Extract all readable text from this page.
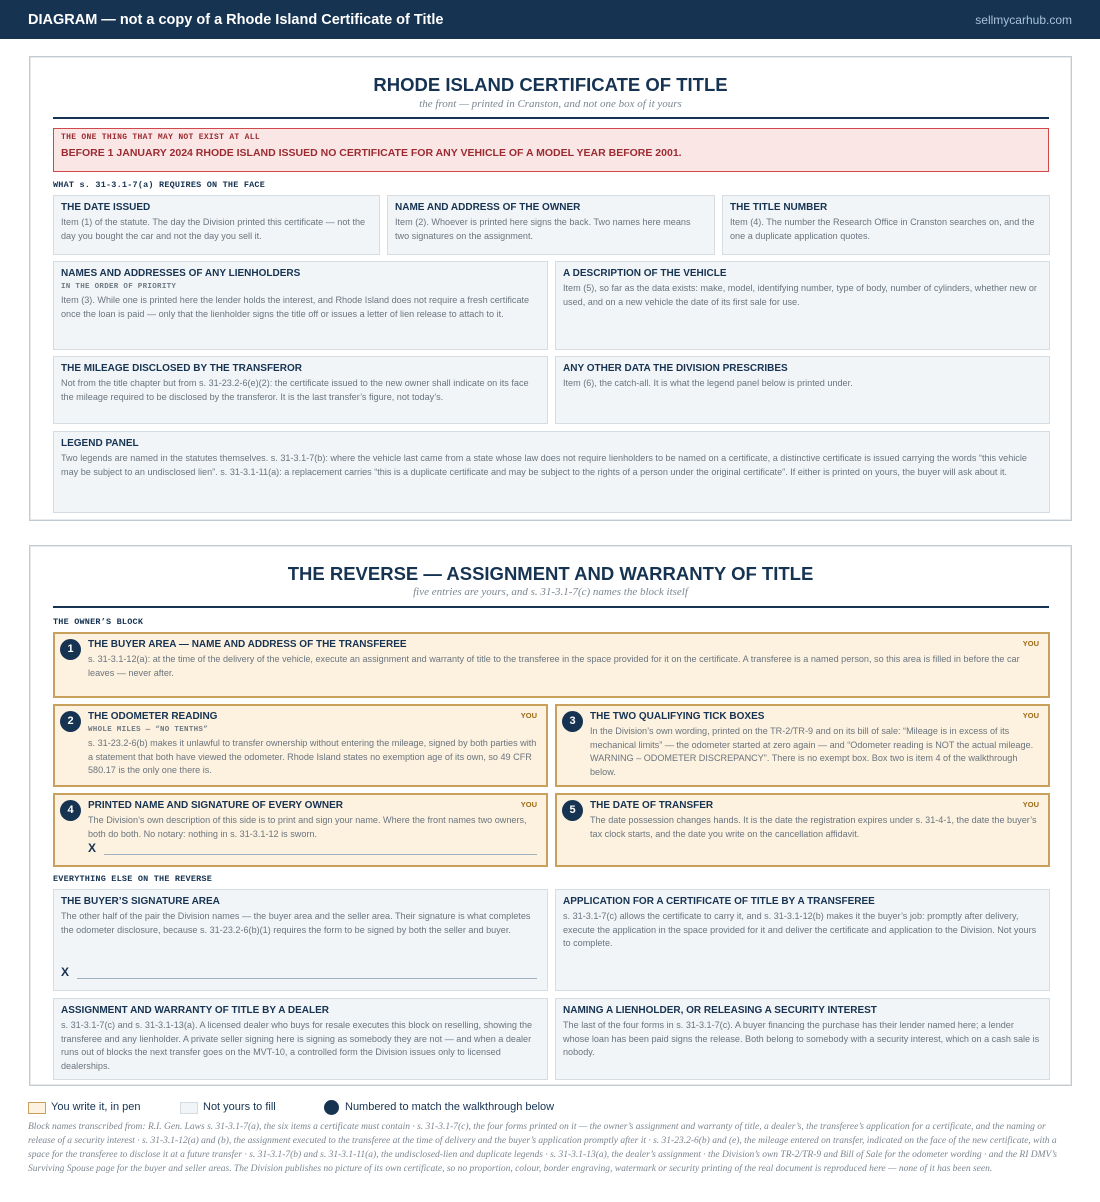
DIAGRAM — not a copy of a Rhode Island Certificate of Title	sellmycarhub.com
RHODE ISLAND CERTIFICATE OF TITLE
the front — printed in Cranston, and not one box of it yours
THE ONE THING THAT MAY NOT EXIST AT ALL
BEFORE 1 JANUARY 2024 RHODE ISLAND ISSUED NO CERTIFICATE FOR ANY VEHICLE OF A MODEL YEAR BEFORE 2001.
WHAT s. 31-3.1-7(a) REQUIRES ON THE FACE
THE DATE ISSUED
Item (1) of the statute. The day the Division printed this certificate — not the day you bought the car and not the day you sell it.
NAME AND ADDRESS OF THE OWNER
Item (2). Whoever is printed here signs the back. Two names here means two signatures on the assignment.
THE TITLE NUMBER
Item (4). The number the Research Office in Cranston searches on, and the one a duplicate application quotes.
NAMES AND ADDRESSES OF ANY LIENHOLDERS
IN THE ORDER OF PRIORITY
Item (3). While one is printed here the lender holds the interest, and Rhode Island does not require a fresh certificate once the loan is paid — only that the lienholder signs the title off or issues a letter of lien release to attach to it.
A DESCRIPTION OF THE VEHICLE
Item (5), so far as the data exists: make, model, identifying number, type of body, number of cylinders, whether new or used, and on a new vehicle the date of its first sale for use.
THE MILEAGE DISCLOSED BY THE TRANSFEROR
Not from the title chapter but from s. 31-23.2-6(e)(2): the certificate issued to the new owner shall indicate on its face the mileage required to be disclosed by the transferor. It is the last transfer’s figure, not today’s.
ANY OTHER DATA THE DIVISION PRESCRIBES
Item (6), the catch-all. It is what the legend panel below is printed under.
LEGEND PANEL
Two legends are named in the statutes themselves. s. 31-3.1-7(b): where the vehicle last came from a state whose law does not require lienholders to be named on a certificate, a distinctive certificate is issued carrying the words “this vehicle may be subject to an undisclosed lien”. s. 31-3.1-11(a): a replacement carries “this is a duplicate certificate and may be subject to the rights of a person under the original certificate”. If either is printed on yours, the buyer will ask about it.
THE REVERSE — ASSIGNMENT AND WARRANTY OF TITLE
five entries are yours, and s. 31-3.1-7(c) names the block itself
THE OWNER’S BLOCK
1	YOU
THE BUYER AREA — NAME AND ADDRESS OF THE TRANSFEREE
s. 31-3.1-12(a): at the time of the delivery of the vehicle, execute an assignment and warranty of title to the transferee in the space provided for it on the certificate. A transferee is a named person, so this area is filled in before the car leaves — never after.
2	YOU
THE ODOMETER READING
WHOLE MILES — “NO TENTHS”
s. 31-23.2-6(b) makes it unlawful to transfer ownership without entering the mileage, signed by both parties with a statement that both have viewed the odometer. Rhode Island states no exemption age of its own, so 49 CFR 580.17 is the only one there is.
3	YOU
THE TWO QUALIFYING TICK BOXES
In the Division’s own wording, printed on the TR-2/TR-9 and on its bill of sale: “Mileage is in excess of its mechanical limits” — the odometer started at zero again — and “Odometer reading is NOT the actual mileage. WARNING – ODOMETER DISCREPANCY”. There is no exempt box. Box two is item 4 of the walkthrough below.
4	YOU
PRINTED NAME AND SIGNATURE OF EVERY OWNER
The Division’s own description of this side is to print and sign your name. Where the front names two owners, both do both. No notary: nothing in s. 31-3.1-12 is sworn.
X
5	YOU
THE DATE OF TRANSFER
The date possession changes hands. It is the date the registration expires under s. 31-4-1, the date the buyer’s tax clock starts, and the date you write on the cancellation affidavit.
EVERYTHING ELSE ON THE REVERSE
THE BUYER’S SIGNATURE AREA
The other half of the pair the Division names — the buyer area and the seller area. Their signature is what completes the odometer disclosure, because s. 31-23.2-6(b)(1) requires the form to be signed by both the seller and buyer.
X
APPLICATION FOR A CERTIFICATE OF TITLE BY A TRANSFEREE
s. 31-3.1-7(c) allows the certificate to carry it, and s. 31-3.1-12(b) makes it the buyer’s job: promptly after delivery, execute the application in the space provided for it and deliver the certificate and application to the Division. Not yours to complete.
ASSIGNMENT AND WARRANTY OF TITLE BY A DEALER
s. 31-3.1-7(c) and s. 31-3.1-13(a). A licensed dealer who buys for resale executes this block on reselling, showing the transferee and any lienholder. A private seller signing here is signing as somebody they are not — and when a dealer runs out of blocks the next transfer goes on the MVT-10, a controlled form the Division issues only to licensed dealerships.
NAMING A LIENHOLDER, OR RELEASING A SECURITY INTEREST
The last of the four forms in s. 31-3.1-7(c). A buyer financing the purchase has their lender named here; a lender whose loan has been paid signs the release. Both belong to somebody with a security interest, which on a cash sale is nobody.
You write it, in pen	Not yours to fill	Numbered to match the walkthrough below
Block names transcribed from: R.I. Gen. Laws s. 31-3.1-7(a), the six items a certificate must contain · s. 31-3.1-7(c), the four forms printed on it — the owner’s assignment and warranty of title, a dealer’s, the transferee’s application for a certificate, and the naming or release of a security interest · s. 31-3.1-12(a) and (b), the assignment executed to the transferee at the time of delivery and the buyer’s application promptly after it · s. 31-23.2-6(b) and (e), the mileage entered on transfer, indicated on the face of the new certificate, with a space for the transferee to disclose it at a future transfer · s. 31-3.1-7(b) and s. 31-3.1-11(a), the undisclosed-lien and duplicate legends · s. 31-3.1-13(a), the dealer’s assignment · the Division’s own TR-2/TR-9 and Bill of Sale for the odometer wording · and the RI DMV’s Surviving Spouse page for the buyer and seller areas. The Division publishes no picture of its own certificate, so no proportion, colour, border engraving, watermark or security printing of the real document is reproduced here — none of it has been seen.
